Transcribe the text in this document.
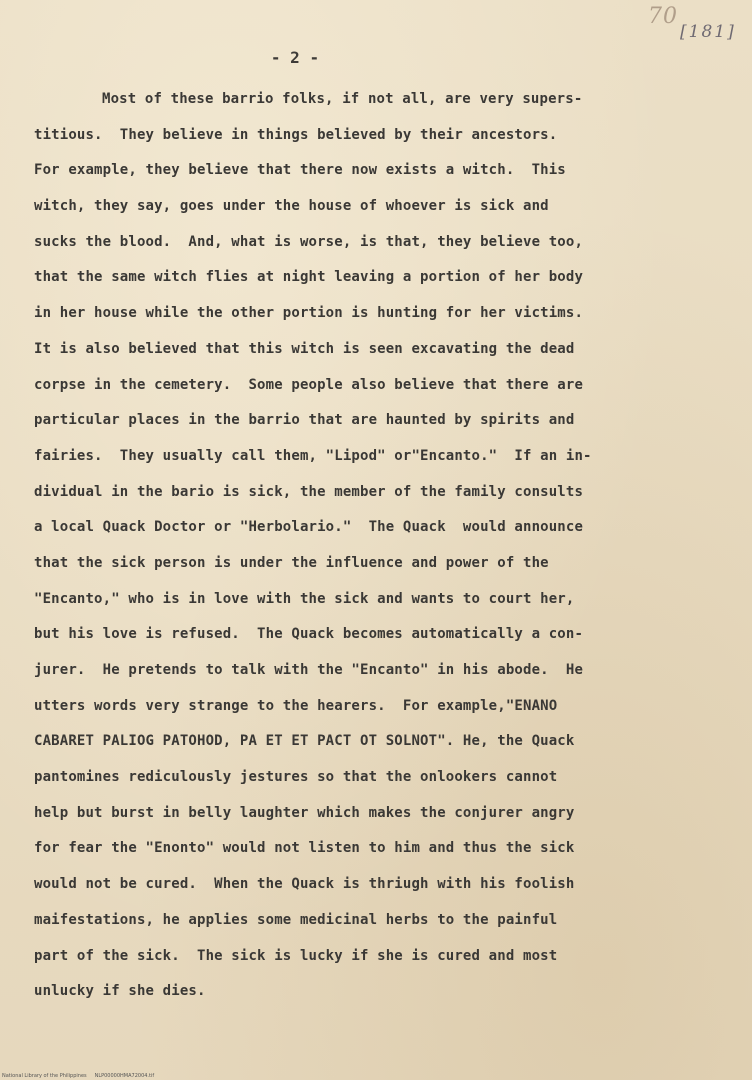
70
[181]
- 2 -
Most of these barrio folks, if not all, are very supers-
titious.  They believe in things believed by their ancestors.
For example, they believe that there now exists a witch.  This
witch, they say, goes under the house of whoever is sick and
sucks the blood.  And, what is worse, is that, they believe too,
that the same witch flies at night leaving a portion of her body
in her house while the other portion is hunting for her victims.
It is also believed that this witch is seen excavating the dead
corpse in the cemetery.  Some people also believe that there are
particular places in the barrio that are haunted by spirits and
fairies.  They usually call them, "Lipod" or"Encanto."  If an in-
dividual in the bario is sick, the member of the family consults
a local Quack Doctor or "Herbolario."  The Quack  would announce
that the sick person is under the influence and power of the
"Encanto," who is in love with the sick and wants to court her,
but his love is refused.  The Quack becomes automatically a con-
jurer.  He pretends to talk with the "Encanto" in his abode.  He
utters words very strange to the hearers.  For example,"ENANO
CABARET PALIOG PATOHOD, PA ET ET PACT OT SOLNOT". He, the Quack
pantomines rediculously jestures so that the onlookers cannot
help but burst in belly laughter which makes the conjurer angry
for fear the "Enonto" would not listen to him and thus the sick
would not be cured.  When the Quack is thriugh with his foolish
maifestations, he applies some medicinal herbs to the painful
part of the sick.  The sick is lucky if she is cured and most
unlucky if she dies.
National Library of the Philippines     NLP00000HMA72004.tif
